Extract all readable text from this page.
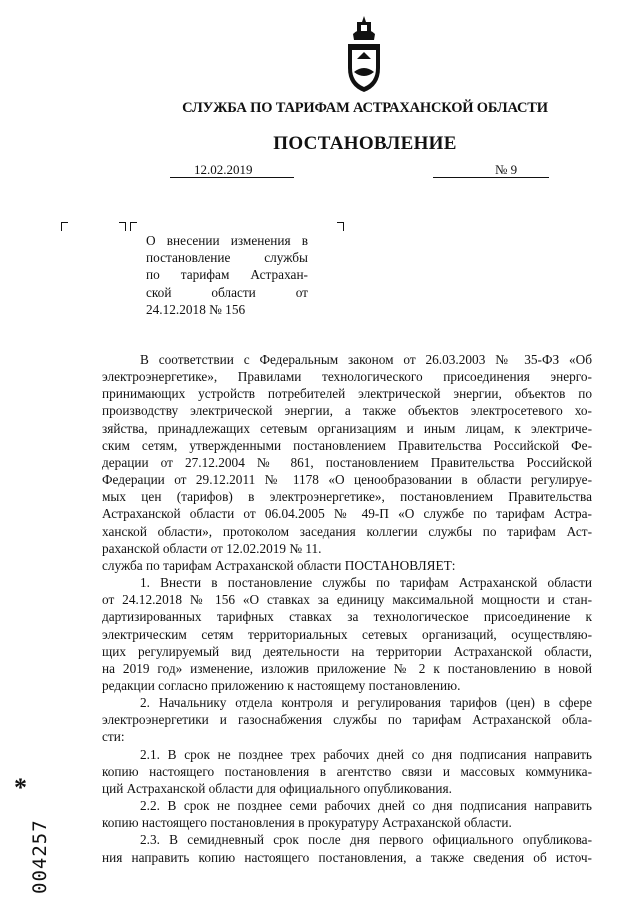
СЛУЖБА ПО ТАРИФАМ АСТРАХАНСКОЙ ОБЛАСТИ
ПОСТАНОВЛЕНИЕ
12.02.2019	№ 9
О внесении изменения в
постановление службы
по тарифам Астрахан-
ской области от
24.12.2018 № 156
В соответствии с Федеральным законом от 26.03.2003 № 35-ФЗ «Об
электроэнергетике», Правилами технологического присоединения энерго-
принимающих устройств потребителей электрической энергии, объектов по
производству электрической энергии, а также объектов электросетевого хо-
зяйства, принадлежащих сетевым организациям и иным лицам, к электриче-
ским сетям, утвержденными постановлением Правительства Российской Фе-
дерации от 27.12.2004 № 861, постановлением Правительства Российской
Федерации от 29.12.2011 № 1178 «О ценообразовании в области регулируе-
мых цен (тарифов) в электроэнергетике», постановлением Правительства
Астраханской области от 06.04.2005 № 49-П «О службе по тарифам Астра-
ханской области», протоколом заседания коллегии службы по тарифам Аст-
раханской области от 12.02.2019 № 11.
служба по тарифам Астраханской области ПОСТАНОВЛЯЕТ:
1. Внести в постановление службы по тарифам Астраханской области
от 24.12.2018 № 156 «О ставках за единицу максимальной мощности и стан-
дартизированных тарифных ставках за технологическое присоединение к
электрическим сетям территориальных сетевых организаций, осуществляю-
щих регулируемый вид деятельности на территории Астраханской области,
на 2019 год» изменение, изложив приложение № 2 к постановлению в новой
редакции согласно приложению к настоящему постановлению.
2. Начальнику отдела контроля и регулирования тарифов (цен) в сфере
электроэнергетики и газоснабжения службы по тарифам Астраханской обла-
сти:
2.1. В срок не позднее трех рабочих дней со дня подписания направить
копию настоящего постановления в агентство связи и массовых коммуника-
ций Астраханской области для официального опубликования.
2.2. В срок не позднее семи рабочих дней со дня подписания направить
копию настоящего постановления в прокуратуру Астраханской области.
2.3. В семидневный срок после дня первого официального опубликова-
ния направить копию настоящего постановления, а также сведения об источ-
*
004257
